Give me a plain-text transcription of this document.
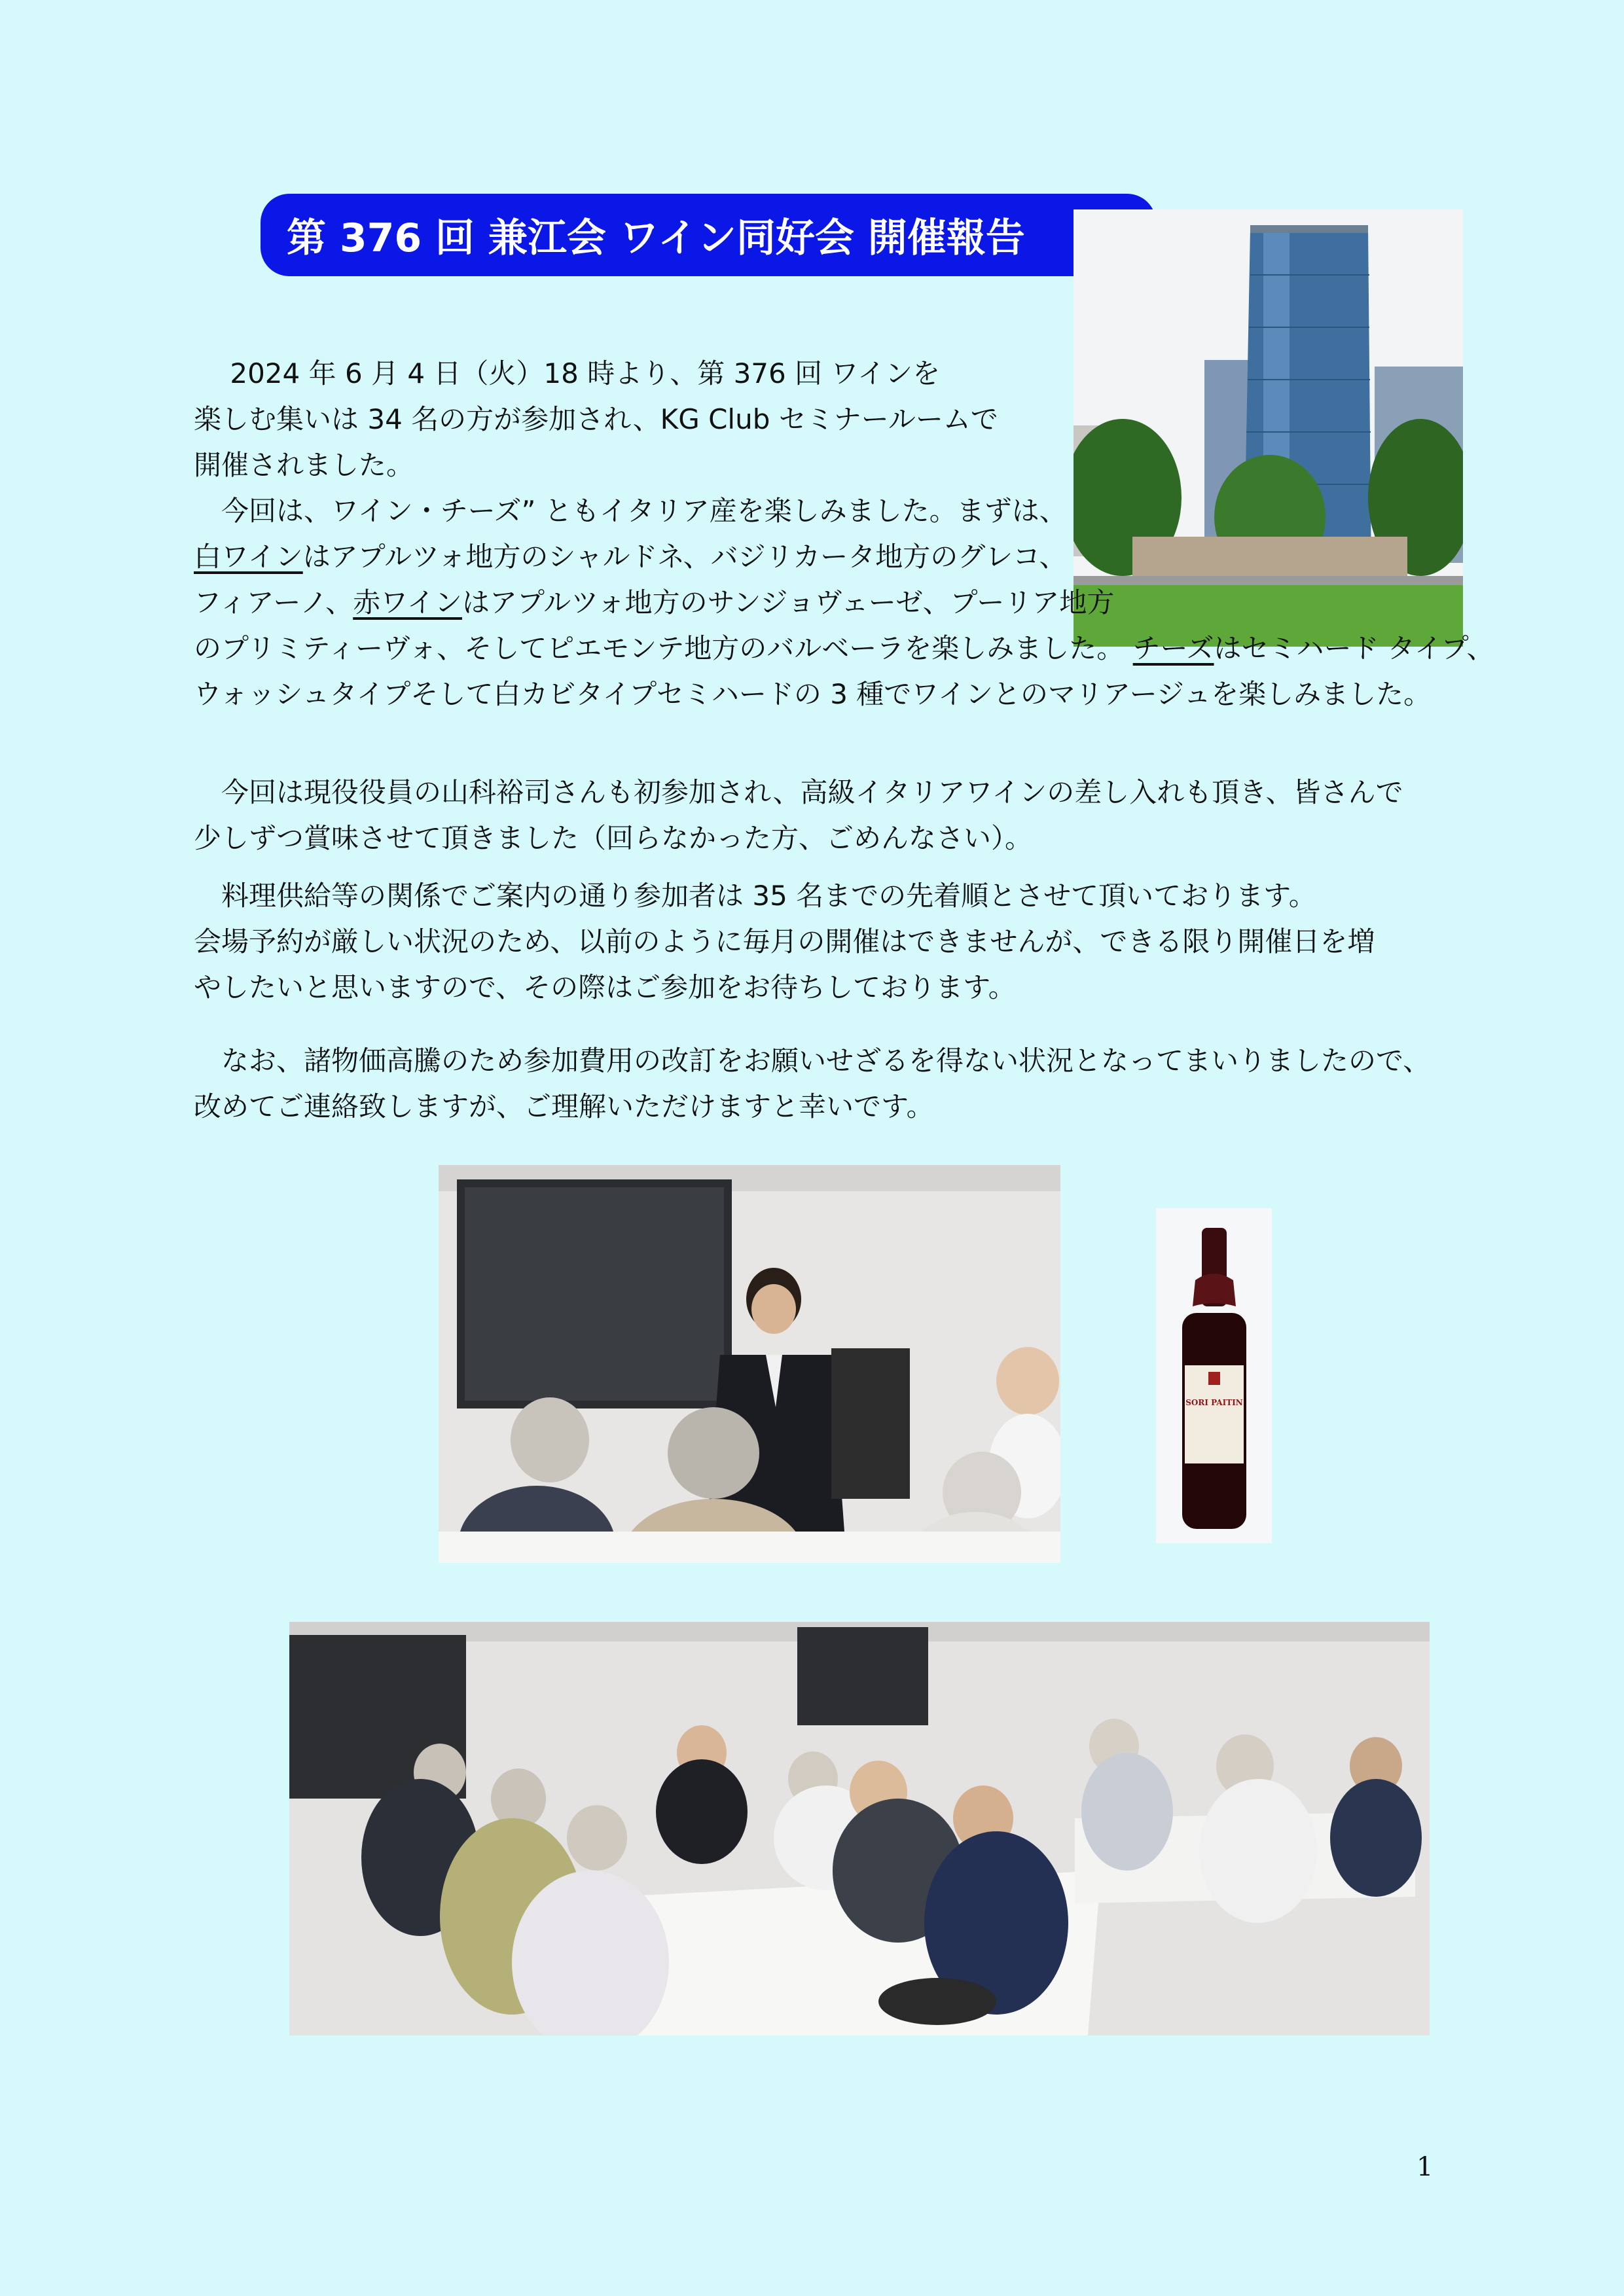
第 376 回 兼江会 ワイン同好会 開催報告
　 2024 年 6 月 4 日（火）18 時より、第 376 回 ワインを
楽しむ集いは 34 名の方が参加され、KG Club セミナールームで
開催されました。
　今回は、ワイン・チーズ” ともイタリア産を楽しみました。まずは、
白ワインはアプルツォ地方のシャルドネ、バジリカータ地方のグレコ、
フィアーノ、赤ワインはアプルツォ地方のサンジョヴェーゼ、プーリア地方
のプリミティーヴォ、そしてピエモンテ地方のバルベーラを楽しみました。 チーズはセミハード タイプ、
ウォッシュタイプそして白カビタイプセミハードの 3 種でワインとのマリアージュを楽しみました。
　今回は現役役員の山科裕司さんも初参加され、高級イタリアワインの差し入れも頂き、皆さんで
少しずつ賞味させて頂きました（回らなかった方、ごめんなさい）。
　料理供給等の関係でご案内の通り参加者は 35 名までの先着順とさせて頂いております。
会場予約が厳しい状況のため、以前のように毎月の開催はできませんが、できる限り開催日を増
やしたいと思いますので、その際はご参加をお待ちしております。
　なお、諸物価高騰のため参加費用の改訂をお願いせざるを得ない状況となってまいりましたので、
改めてご連絡致しますが、ご理解いただけますと幸いです。
SORI PAITIN
1
